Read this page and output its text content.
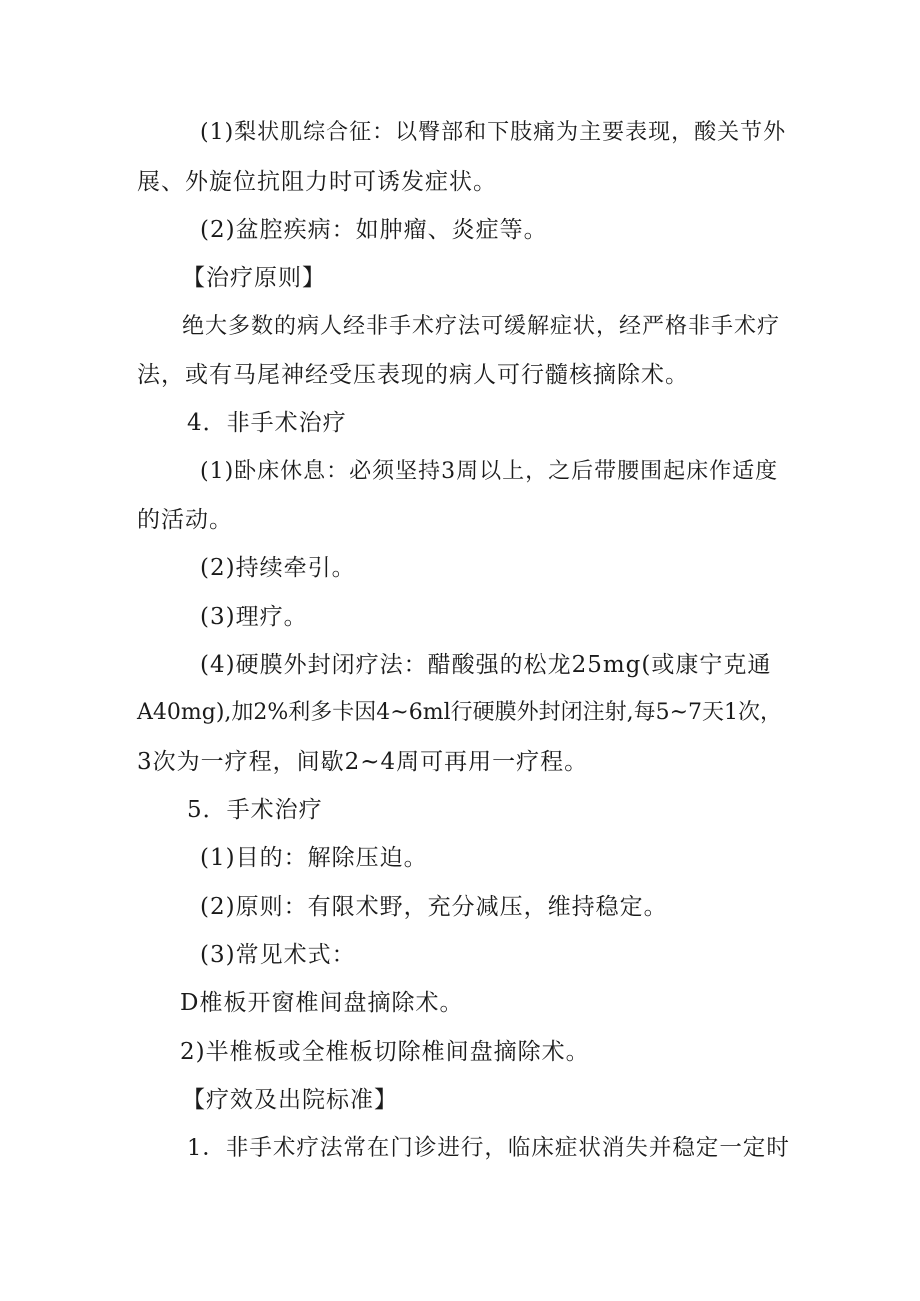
(1)梨状肌综合征：以臀部和下肢痛为主要表现，酸关节外

展、外旋位抗阻力时可诱发症状。

(2)盆腔疾病：如肿瘤、炎症等。

【治疗原则】

绝大多数的病人经非手术疗法可缓解症状，经严格非手术疗

法，或有马尾神经受压表现的病人可行髓核摘除术。

4．非手术治疗

(1)卧床休息：必须坚持3周以上，之后带腰围起床作适度

的活动。

(2)持续牵引。

(3)理疗。

(4)硬膜外封闭疗法：醋酸强的松龙25mg(或康宁克通

A40mg),加2%利多卡因4~6ml行硬膜外封闭注射,每5~7天1次，

3次为一疗程，间歇2~4周可再用一疗程。

5．手术治疗

(1)目的：解除压迫。

(2)原则：有限术野，充分减压，维持稳定。

(3)常见术式：

D椎板开窗椎间盘摘除术。

2)半椎板或全椎板切除椎间盘摘除术。

【疗效及出院标准】

1．非手术疗法常在门诊进行，临床症状消失并稳定一定时
